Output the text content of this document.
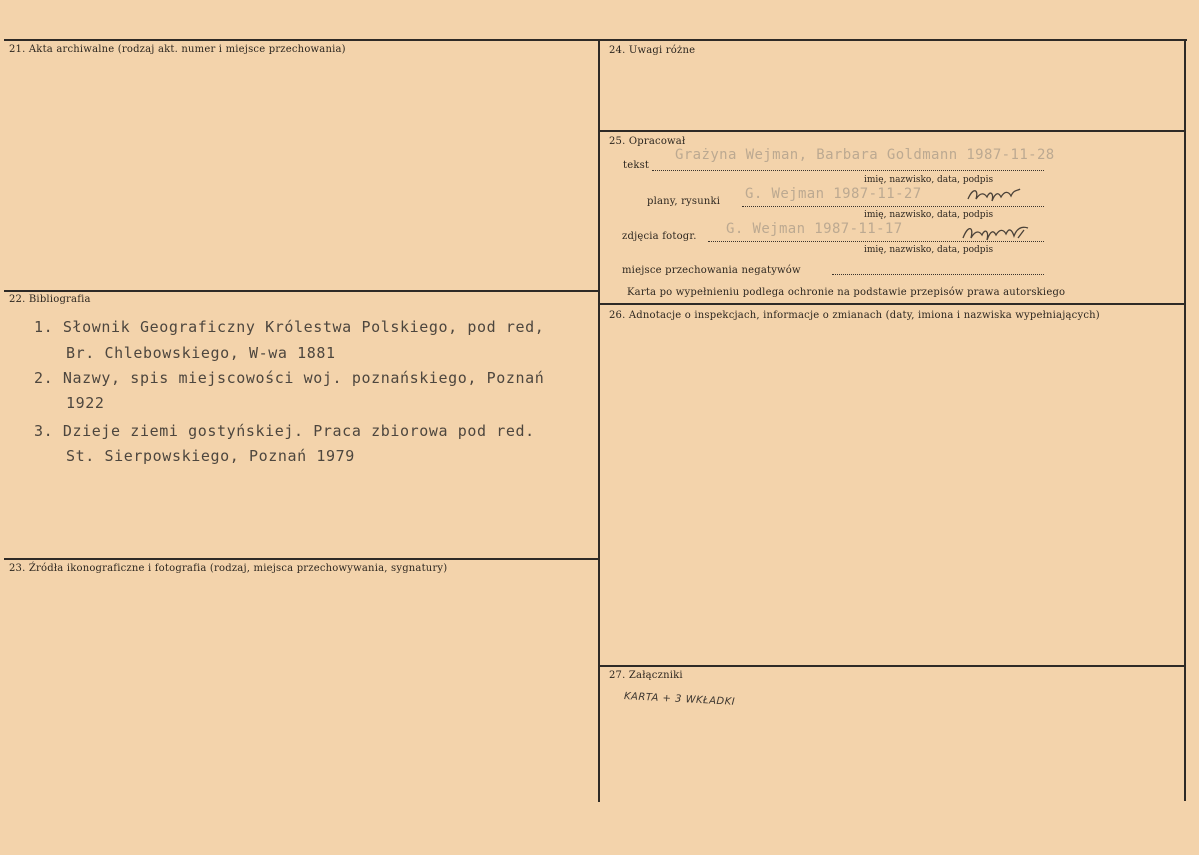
21. Akta archiwalne (rodzaj akt. numer i miejsce przechowania)
22. Bibliografia
1. Słownik Geograficzny Królestwa Polskiego, pod red,
Br. Chlebowskiego, W-wa 1881
2. Nazwy, spis miejscowości woj. poznańskiego, Poznań
1922
3. Dzieje ziemi gostyńskiej. Praca zbiorowa pod red.
St. Sierpowskiego, Poznań 1979
23. Źródła ikonograficzne i fotografia (rodzaj, miejsca przechowywania, sygnatury)
24. Uwagi różne
25. Opracował
tekst
Grażyna Wejman, Barbara Goldmann 1987-11-28
imię, nazwisko, data, podpis
plany, rysunki G. Wejman 1987-11-27
imię, nazwisko, data, podpis
zdjęcia fotogr. G. Wejman 1987-11-17
imię, nazwisko, data, podpis
miejsce przechowania negatywów
Karta po wypełnieniu podlega ochronie na podstawie przepisów prawa autorskiego
26. Adnotacje o inspekcjach, informacje o zmianach (daty, imiona i nazwiska wypełniających)
27. Załączniki
KARTA + 3 WKŁADKI
